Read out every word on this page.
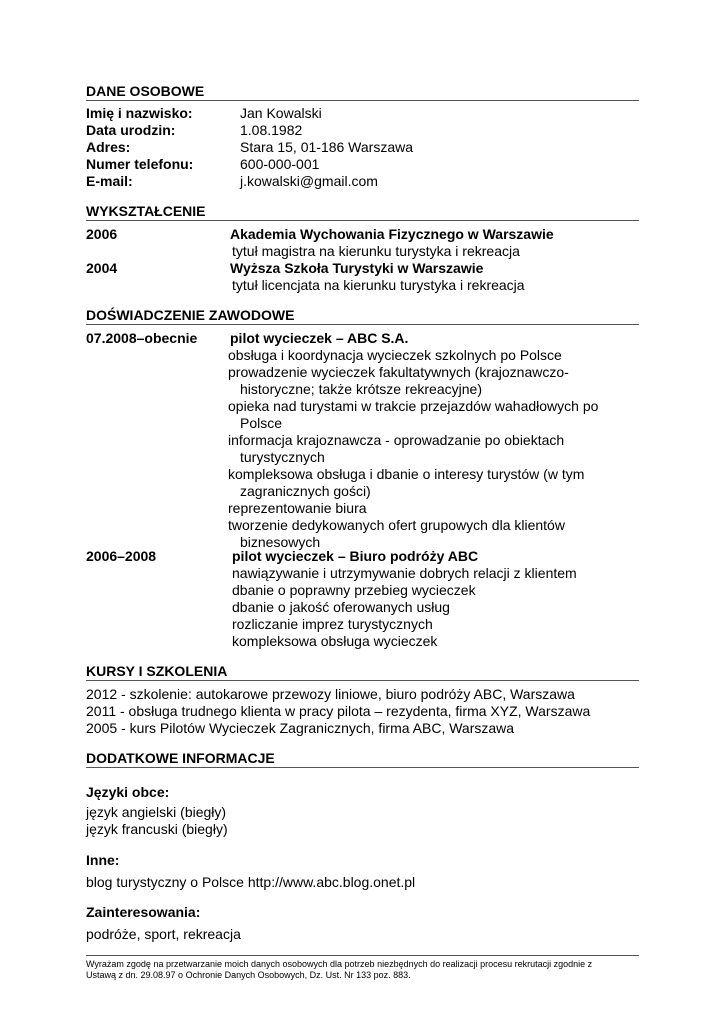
DANE OSOBOWE
Imię i nazwisko:	Jan Kowalski
Data urodzin:	1.08.1982
Adres:	Stara 15, 01-186 Warszawa
Numer telefonu:	600-000-001
E-mail:	j.kowalski@gmail.com
WYKSZTAŁCENIE
2006	Akademia Wychowania Fizycznego w Warszawie
tytuł magistra na kierunku turystyka i rekreacja
2004	Wyższa Szkoła Turystyki w Warszawie
tytuł licencjata na kierunku turystyka i rekreacja
DOŚWIADCZENIE ZAWODOWE
07.2008–obecnie pilot wycieczek – ABC S.A.
obsługa i koordynacja wycieczek szkolnych po Polsce
prowadzenie wycieczek fakultatywnych (krajoznawczo-
historyczne; także krótsze rekreacyjne)
opieka nad turystami w trakcie przejazdów wahadłowych po
Polsce
informacja krajoznawcza - oprowadzanie po obiektach
turystycznych
kompleksowa obsługa i dbanie o interesy turystów (w tym
zagranicznych gości)
reprezentowanie biura
tworzenie dedykowanych ofert grupowych dla klientów
biznesowych
2006–2008	pilot wycieczek – Biuro podróży ABC
nawiązywanie i utrzymywanie dobrych relacji z klientem
dbanie o poprawny przebieg wycieczek
dbanie o jakość oferowanych usług
rozliczanie imprez turystycznych
kompleksowa obsługa wycieczek
KURSY I SZKOLENIA
2012 - szkolenie: autokarowe przewozy liniowe, biuro podróży ABC, Warszawa
2011 - obsługa trudnego klienta w pracy pilota – rezydenta, firma XYZ, Warszawa
2005 - kurs Pilotów Wycieczek Zagranicznych, firma ABC, Warszawa
DODATKOWE INFORMACJE
Języki obce:
język angielski (biegły)
język francuski (biegły)
Inne:
blog turystyczny o Polsce http://www.abc.blog.onet.pl
Zainteresowania:
podróże, sport, rekreacja
Wyrażam zgodę na przetwarzanie moich danych osobowych dla potrzeb niezbędnych do realizacji procesu rekrutacji zgodnie z
Ustawą z dn. 29.08.97 o Ochronie Danych Osobowych, Dz. Ust. Nr 133 poz. 883.
